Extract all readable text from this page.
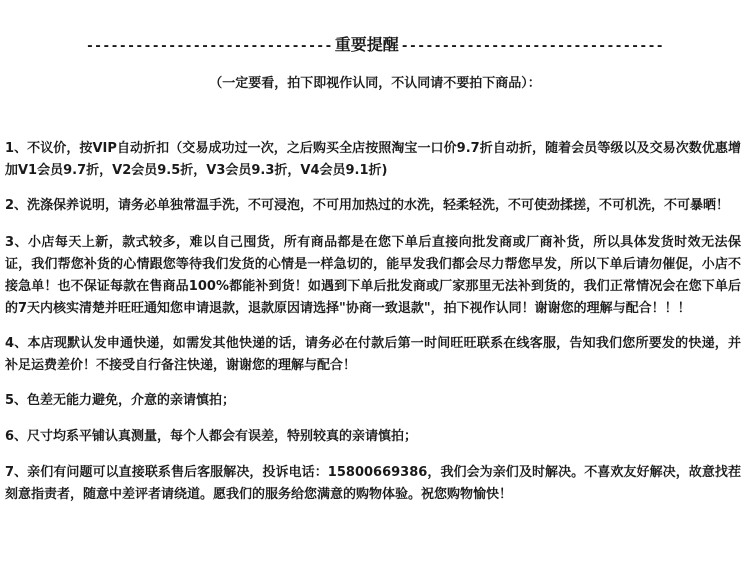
------------------------------ 重要提醒 --------------------------------
（一定要看，拍下即视作认同，不认同请不要拍下商品）：

1、不议价，按VIP自动折扣（交易成功过一次，之后购买全店按照淘宝一口价9.7折自动折，随着会员等级以及交易次数优惠增加V1会员9.7折，V2会员9.5折，V3会员9.3折，V4会员9.1折)

2、洗涤保养说明，请务必单独常温手洗，不可浸泡，不可用加热过的水洗，轻柔轻洗，不可使劲揉搓，不可机洗，不可暴晒！

3、小店每天上新，款式较多，难以自己囤货，所有商品都是在您下单后直接向批发商或厂商补货，所以具体发货时效无法保证，我们帮您补货的心情跟您等待我们发货的心情是一样急切的，能早发我们都会尽力帮您早发，所以下单后请勿催促，小店不接急单！也不保证每款在售商品100%都能补到货！如遇到下单后批发商或厂家那里无法补到货的，我们正常情况会在您下单后的7天内核实清楚并旺旺通知您申请退款，退款原因请选择"协商一致退款"，拍下视作认同！谢谢您的理解与配合！！！

4、本店现默认发申通快递，如需发其他快递的话，请务必在付款后第一时间旺旺联系在线客服，告知我们您所要发的快递，并补足运费差价！不接受自行备注快递，谢谢您的理解与配合！

5、色差无能力避免，介意的亲请慎拍；

6、尺寸均系平铺认真测量，每个人都会有误差，特别较真的亲请慎拍；

7、亲们有问题可以直接联系售后客服解决，投诉电话：15800669386，我们会为亲们及时解决。不喜欢友好解决，故意找茬刻意指责者，随意中差评者请绕道。愿我们的服务给您满意的购物体验。祝您购物愉快！
